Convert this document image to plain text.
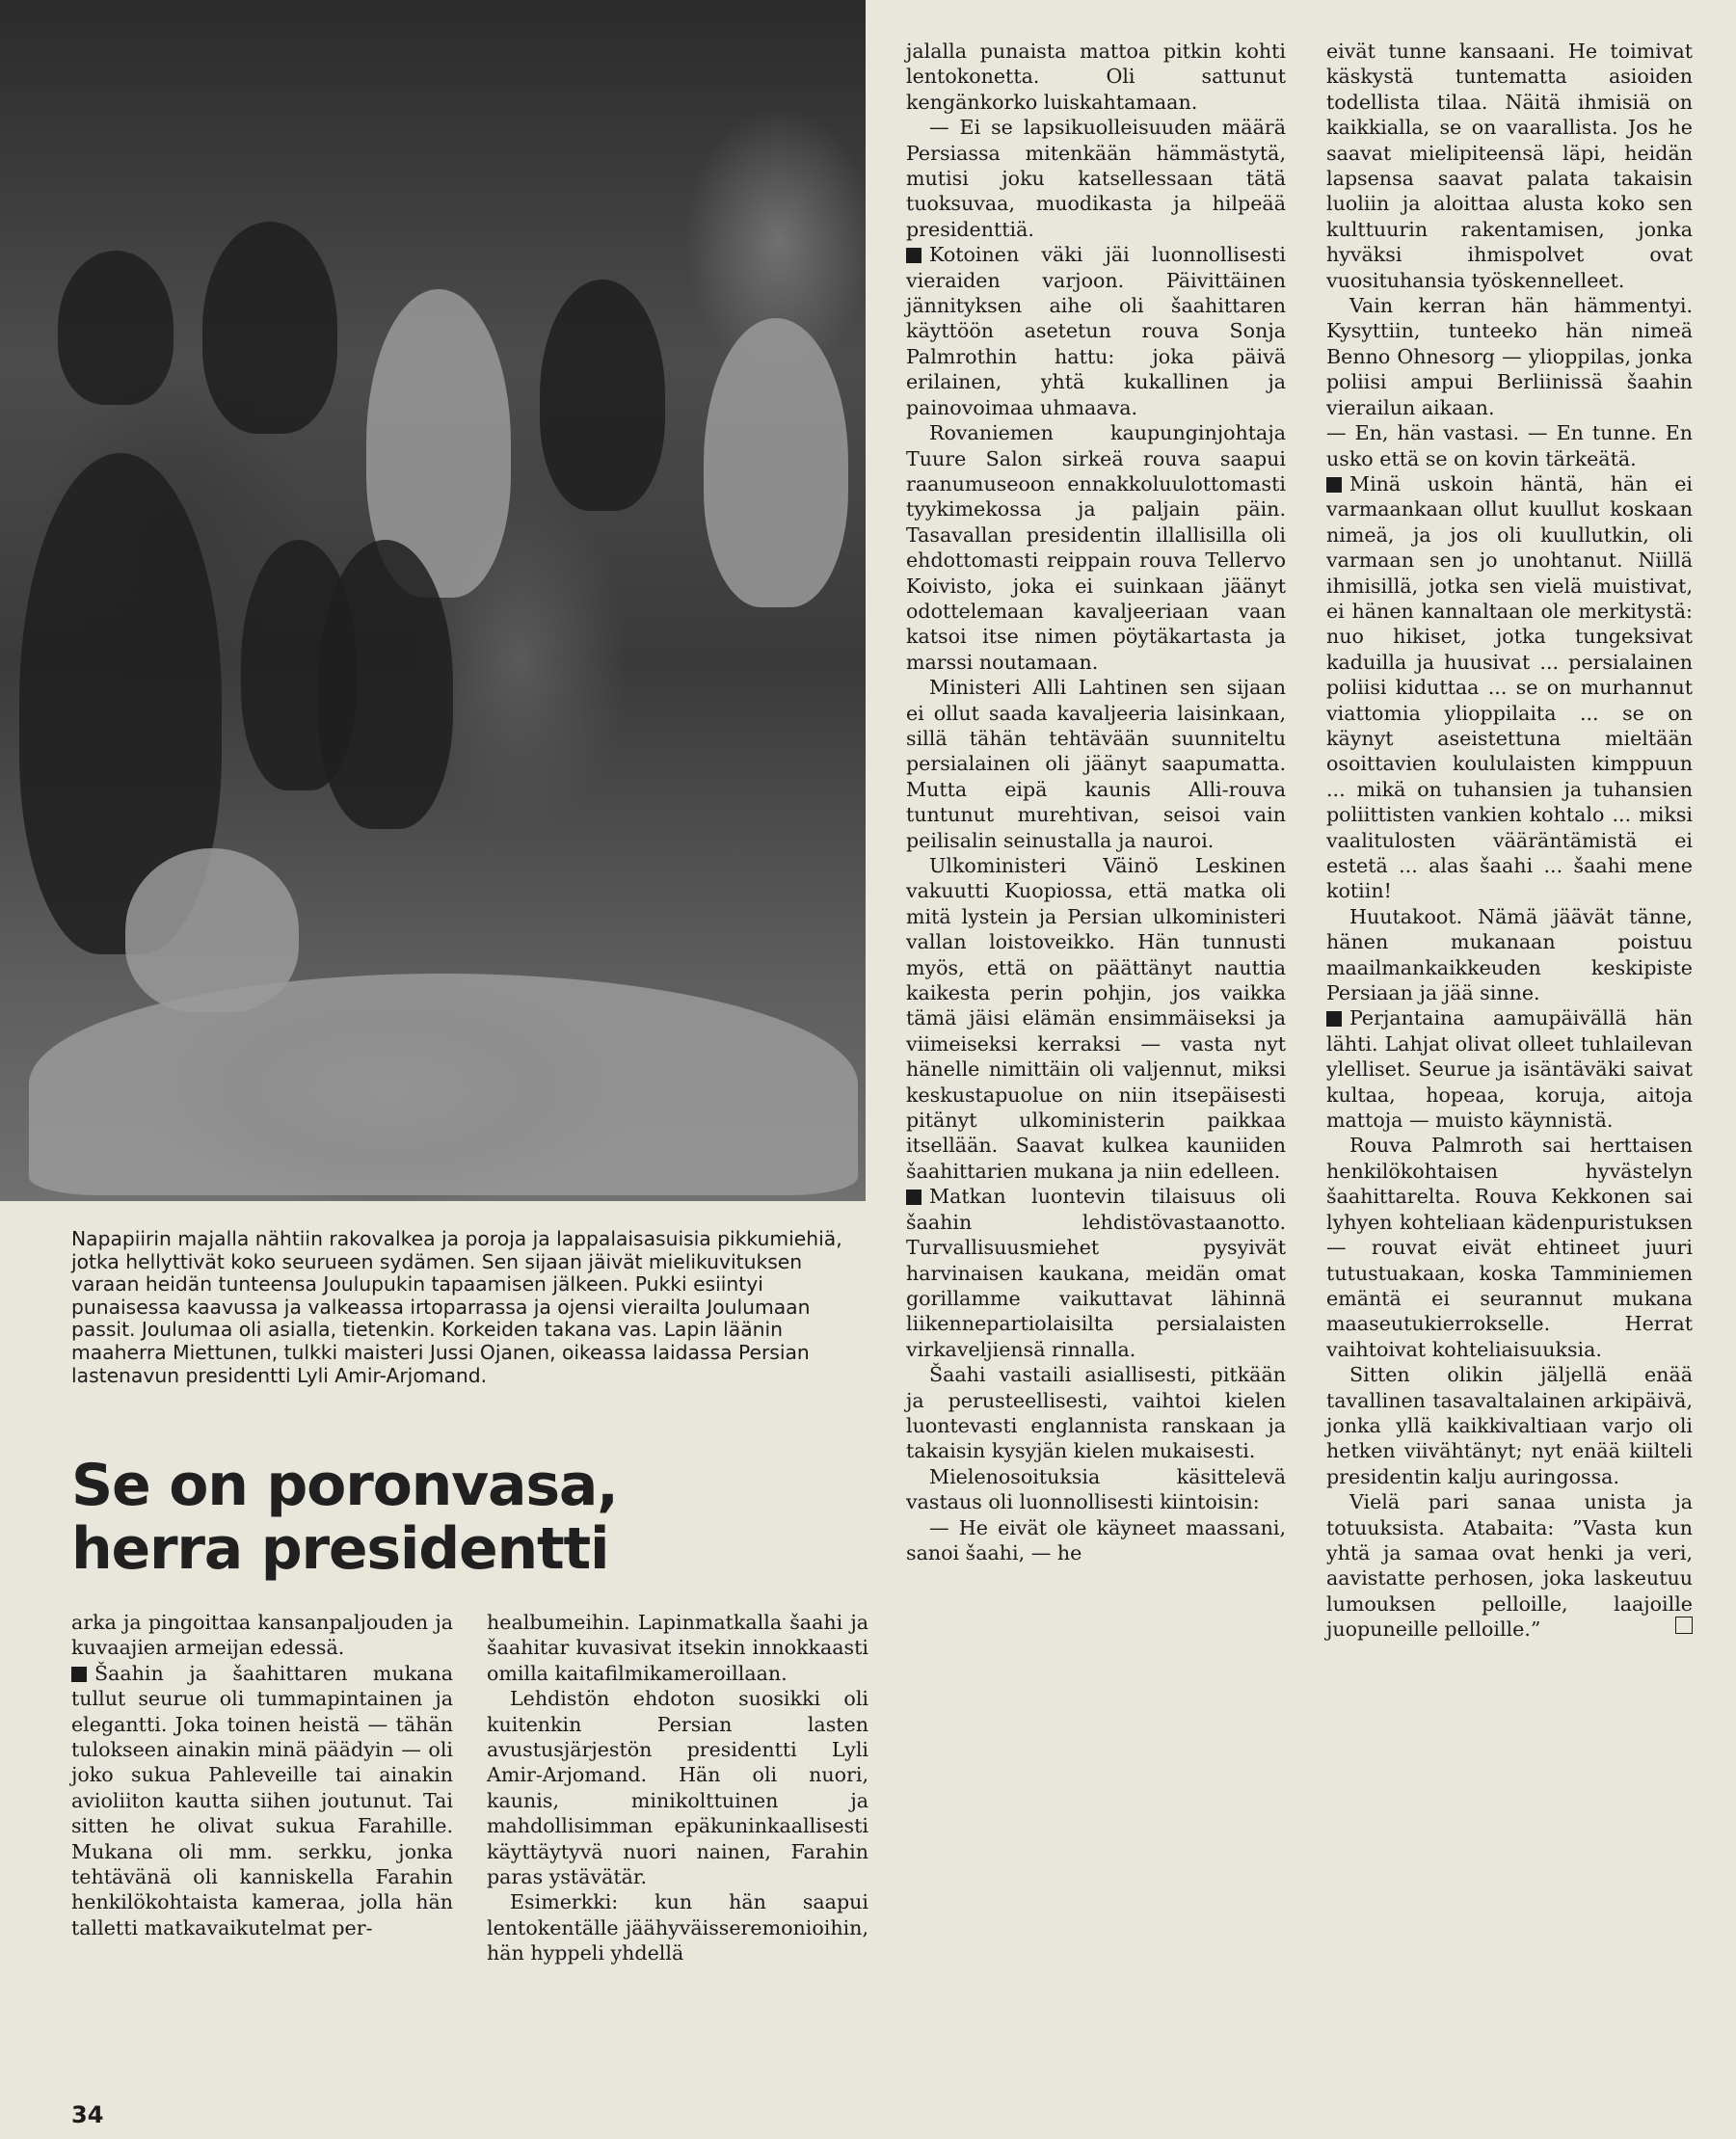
Napapiirin majalla nähtiin rakovalkea ja poroja ja lappalaisasuisia pikkumiehiä, jotka hellyttivät koko seurueen sydämen. Sen sijaan jäivät mielikuvituksen varaan heidän tunteensa Joulupukin tapaamisen jälkeen. Pukki esiintyi punaisessa kaavussa ja valkeassa irtoparrassa ja ojensi vierailta Joulumaan passit. Joulumaa oli asialla, tietenkin. Korkeiden takana vas. Lapin läänin maaherra Miettunen, tulkki maisteri Jussi Ojanen, oikeassa laidassa Persian lastenavun presidentti Lyli Amir-Arjomand.
Se on poronvasa,
herra presidentti

arka ja pingoittaa kansanpaljouden ja kuvaajien armeijan edessä.

Šaahin ja šaahittaren mukana tullut seurue oli tummapintainen ja elegantti. Joka toinen heistä — tähän tulokseen ainakin minä päädyin — oli joko sukua Pahleveille tai ainakin avioliiton kautta siihen joutunut. Tai sitten he olivat sukua Farahille. Mukana oli mm. serkku, jonka tehtävänä oli kanniskella Farahin henkilökohtaista kameraa, jolla hän talletti matkavaikutelmat per-

healbumeihin. Lapinmatkalla šaahi ja šaahitar kuvasivat itsekin innokkaasti omilla kaitafilmikameroillaan.

Lehdistön ehdoton suosikki oli kuitenkin Persian lasten avustusjärjestön presidentti Lyli Amir-Arjomand. Hän oli nuori, kaunis, minikolttuinen ja mahdollisimman epäkuninkaallisesti käyttäytyvä nuori nainen, Farahin paras ystävätär.

Esimerkki: kun hän saapui lentokentälle jäähyväisseremonioihin, hän hyppeli yhdellä

jalalla punaista mattoa pitkin kohti lentokonetta. Oli sattunut kengänkorko luiskahtamaan.

— Ei se lapsikuolleisuuden määrä Persiassa mitenkään hämmästytä, mutisi joku katsellessaan tätä tuoksuvaa, muodikasta ja hilpeää presidenttiä.

Kotoinen väki jäi luonnollisesti vieraiden varjoon. Päivittäinen jännityksen aihe oli šaahittaren käyttöön asetetun rouva Sonja Palmrothin hattu: joka päivä erilainen, yhtä kukallinen ja painovoimaa uhmaava.

Rovaniemen kaupunginjohtaja Tuure Salon sirkeä rouva saapui raanumuseoon ennakkoluulottomasti tyykimekossa ja paljain päin. Tasavallan presidentin illallisilla oli ehdottomasti reippain rouva Tellervo Koivisto, joka ei suinkaan jäänyt odottelemaan kavaljeeriaan vaan katsoi itse nimen pöytäkartasta ja marssi noutamaan.

Ministeri Alli Lahtinen sen sijaan ei ollut saada kavaljeeria laisinkaan, sillä tähän tehtävään suunniteltu persialainen oli jäänyt saapumatta. Mutta eipä kaunis Alli-rouva tuntunut murehtivan, seisoi vain peilisalin seinustalla ja nauroi.

Ulkoministeri Väinö Leskinen vakuutti Kuopiossa, että matka oli mitä lystein ja Persian ulkoministeri vallan loistoveikko. Hän tunnusti myös, että on päättänyt nauttia kaikesta perin pohjin, jos vaikka tämä jäisi elämän ensimmäiseksi ja viimeiseksi kerraksi — vasta nyt hänelle nimittäin oli valjennut, miksi keskustapuolue on niin itsepäisesti pitänyt ulkoministerin paikkaa itsellään. Saavat kulkea kauniiden šaahittarien mukana ja niin edelleen.

Matkan luontevin tilaisuus oli šaahin lehdistövastaanotto. Turvallisuusmiehet pysyivät harvinaisen kaukana, meidän omat gorillamme vaikuttavat lähinnä liikennepartiolaisilta persialaisten virkaveljiensä rinnalla.

Šaahi vastaili asiallisesti, pitkään ja perusteellisesti, vaihtoi kielen luontevasti englannista ranskaan ja takaisin kysyjän kielen mukaisesti.

Mielenosoituksia käsittelevä vastaus oli luonnollisesti kiintoisin:

— He eivät ole käyneet maassani, sanoi šaahi, — he

eivät tunne kansaani. He toimivat käskystä tuntematta asioiden todellista tilaa. Näitä ihmisiä on kaikkialla, se on vaarallista. Jos he saavat mielipiteensä läpi, heidän lapsensa saavat palata takaisin luoliin ja aloittaa alusta koko sen kulttuurin rakentamisen, jonka hyväksi ihmispolvet ovat vuosituhansia työskennelleet.

Vain kerran hän hämmentyi. Kysyttiin, tunteeko hän nimeä Benno Ohnesorg — ylioppilas, jonka poliisi ampui Berliinissä šaahin vierailun aikaan.

— En, hän vastasi. — En tunne. En usko että se on kovin tärkeätä.

Minä uskoin häntä, hän ei varmaankaan ollut kuullut koskaan nimeä, ja jos oli kuullutkin, oli varmaan sen jo unohtanut. Niillä ihmisillä, jotka sen vielä muistivat, ei hänen kannaltaan ole merkitystä: nuo hikiset, jotka tungeksivat kaduilla ja huusivat ... persialainen poliisi kiduttaa ... se on murhannut viattomia ylioppilaita ... se on käynyt aseistettuna mieltään osoittavien koululaisten kimppuun ... mikä on tuhansien ja tuhansien poliittisten vankien kohtalo ... miksi vaalitulosten vääräntämistä ei estetä ... alas šaahi ... šaahi mene kotiin!

Huutakoot. Nämä jäävät tänne, hänen mukanaan poistuu maailmankaikkeuden keskipiste Persiaan ja jää sinne.

Perjantaina aamupäivällä hän lähti. Lahjat olivat olleet tuhlailevan ylelliset. Seurue ja isäntäväki saivat kultaa, hopeaa, koruja, aitoja mattoja — muisto käynnistä.

Rouva Palmroth sai herttaisen henkilökohtaisen hyvästelyn šaahittarelta. Rouva Kekkonen sai lyhyen kohteliaan kädenpuristuksen — rouvat eivät ehtineet juuri tutustuakaan, koska Tamminiemen emäntä ei seurannut mukana maaseutukierrokselle. Herrat vaihtoivat kohteliaisuuksia.

Sitten olikin jäljellä enää tavallinen tasavaltalainen arkipäivä, jonka yllä kaikkivaltiaan varjo oli hetken viivähtänyt; nyt enää kiilteli presidentin kalju auringossa.

Vielä pari sanaa unista ja totuuksista. Atabaita: ”Vasta kun yhtä ja samaa ovat henki ja veri, aavistatte perhosen, joka laskeutuu lumouksen pelloille, laajoille juopuneille pelloille.”

34
